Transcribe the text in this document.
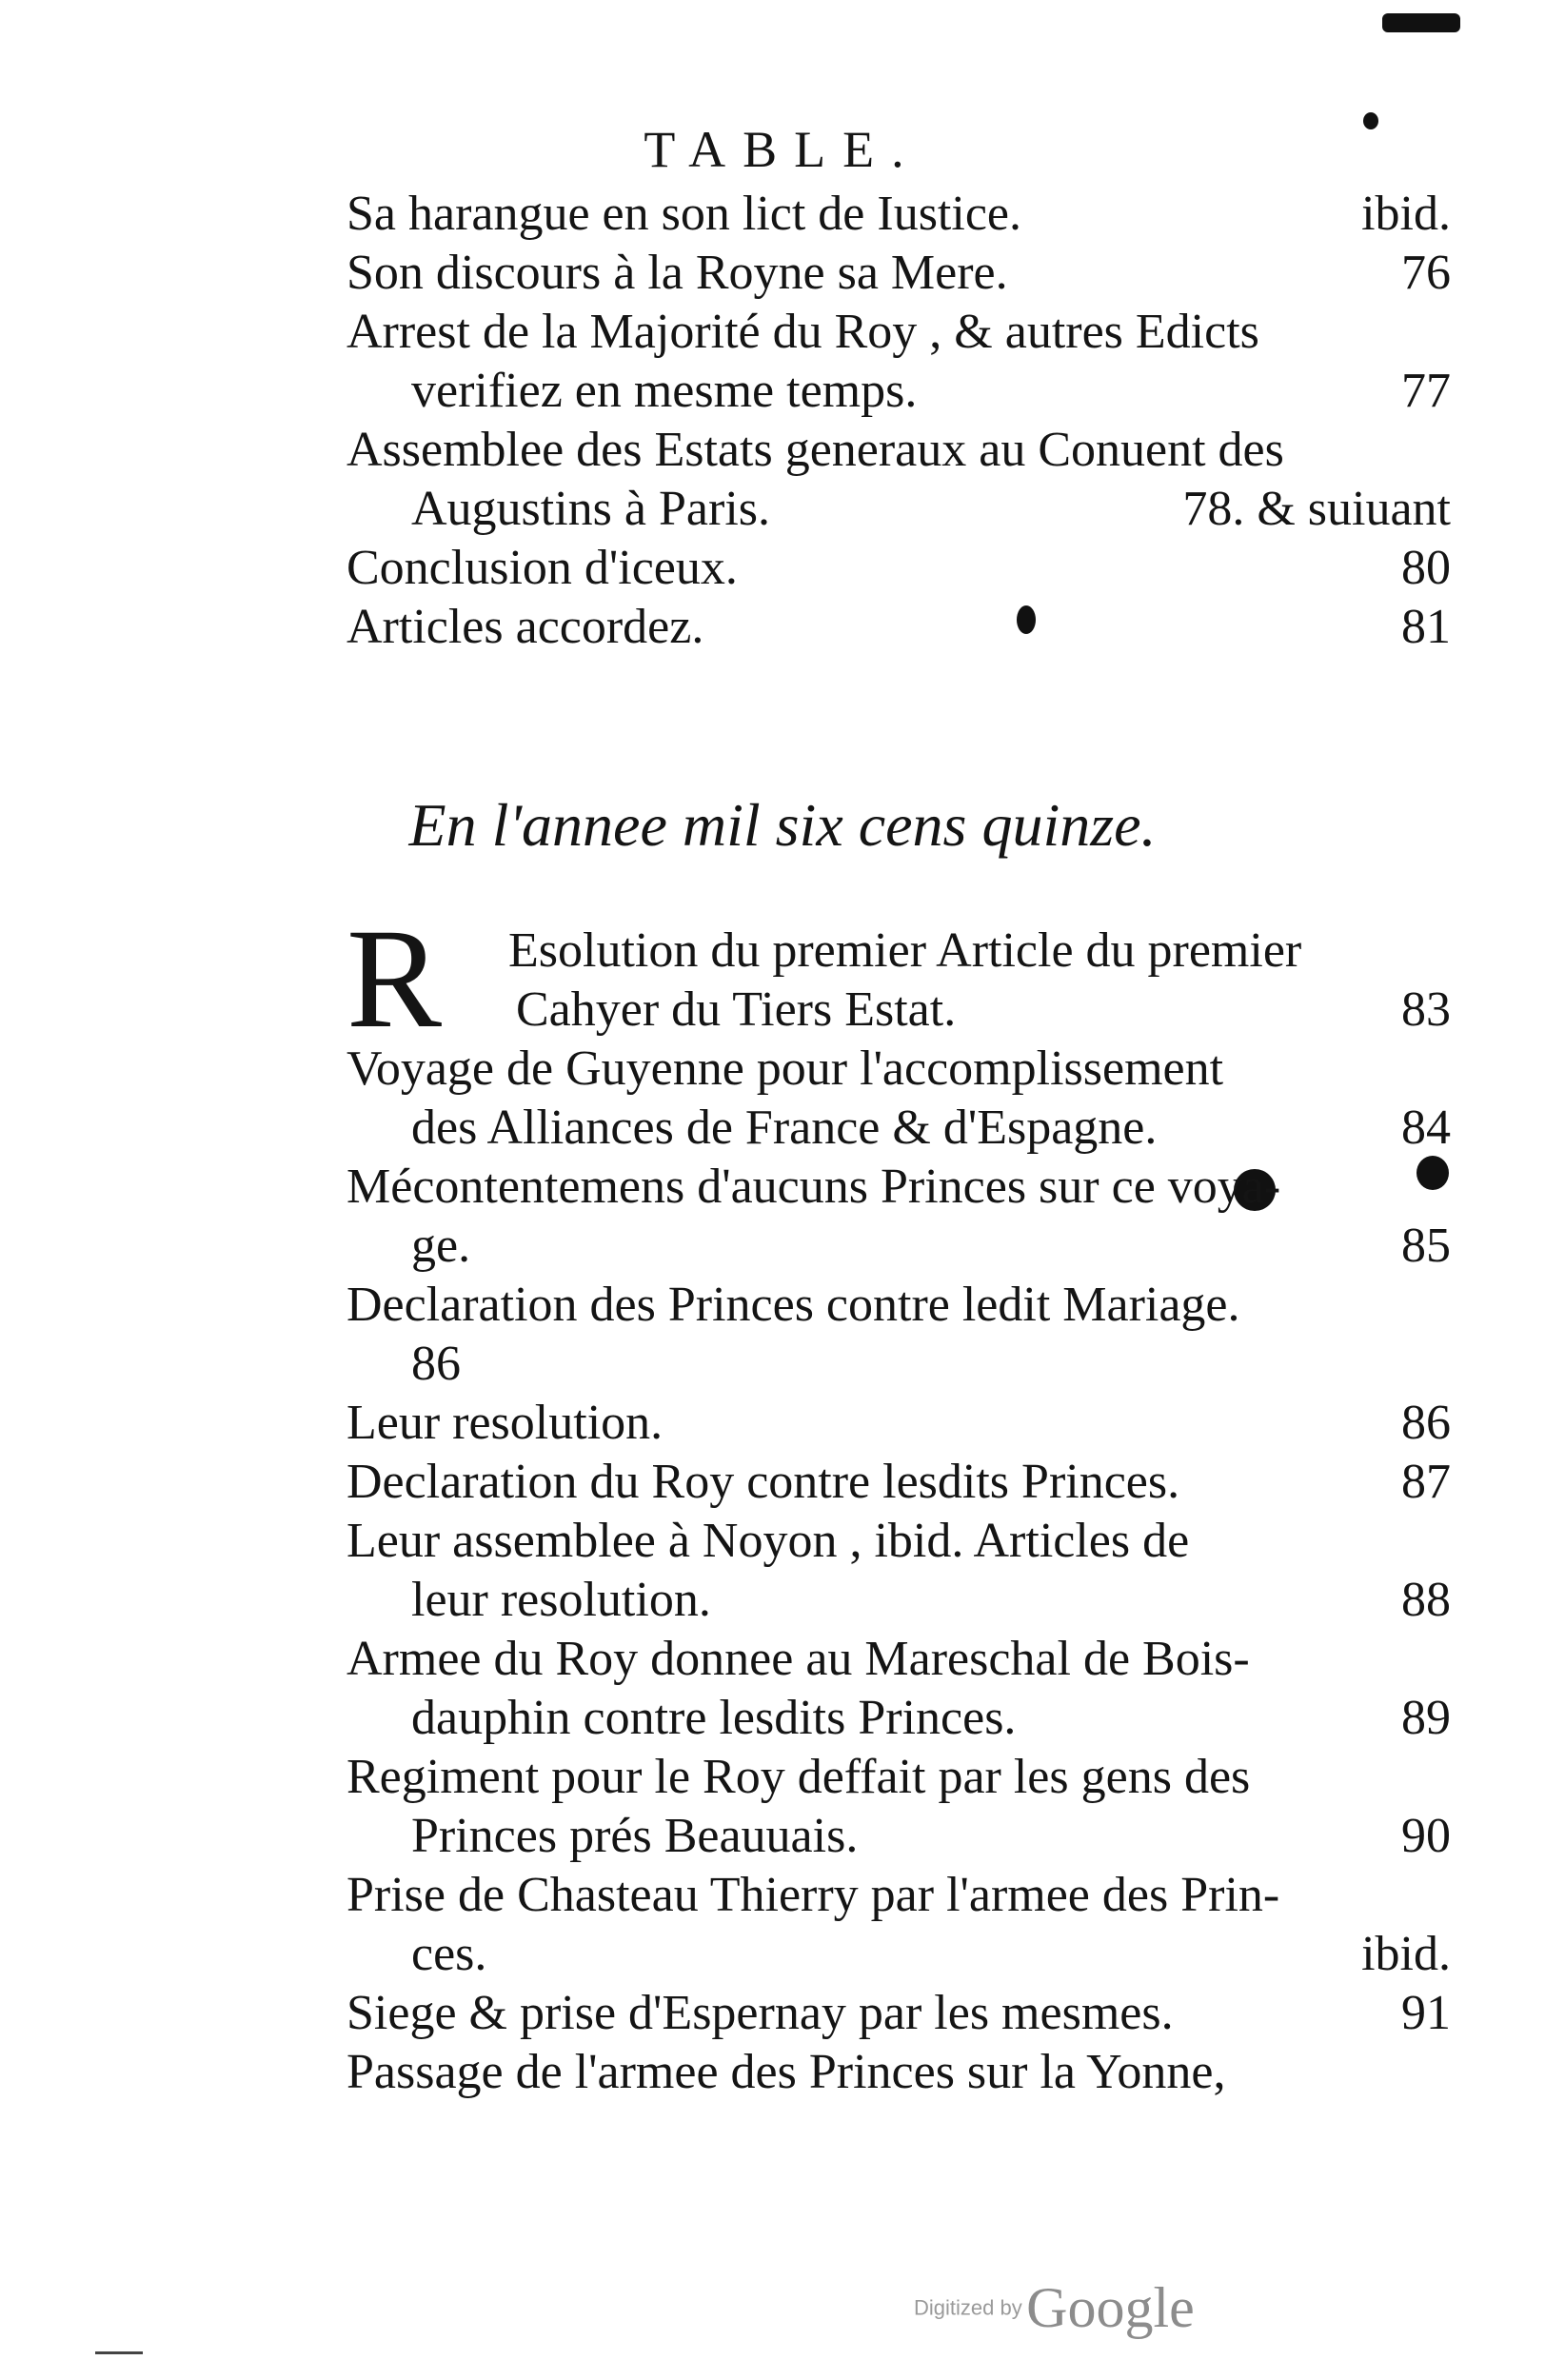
TABLE.
Sa harangue en son lict de Iustice.	ibid.
Son discours à la Royne sa Mere.	76
Arrest de la Majorité du Roy , & autres Edicts
verifiez en mesme temps.	77
Assemblee des Estats generaux au Conuent des
Augustins à Paris.	78. & suiuant
Conclusion d'iceux.	80
Articles accordez.	81
En l'annee mil six cens quinze.
R	Esolution du premier Article du premier
Cahyer du Tiers Estat.	83
Voyage de Guyenne pour l'accomplissement
des Alliances de France & d'Espagne.	84
Mécontentemens d'aucuns Princes sur ce voya-
ge.	85
Declaration des Princes contre ledit Mariage.
86
Leur resolution.	86
Declaration du Roy contre lesdits Princes.	87
Leur assemblee à Noyon , ibid. Articles de
leur resolution.	88
Armee du Roy donnee au Mareschal de Bois-
dauphin contre lesdits Princes.	89
Regiment pour le Roy deffait par les gens des
Princes prés Beauuais.	90
Prise de Chasteau Thierry par l'armee des Prin-
ces.	ibid.
Siege & prise d'Espernay par les mesmes.	91
Passage de l'armee des Princes sur la Yonne,
Digitized by Google
